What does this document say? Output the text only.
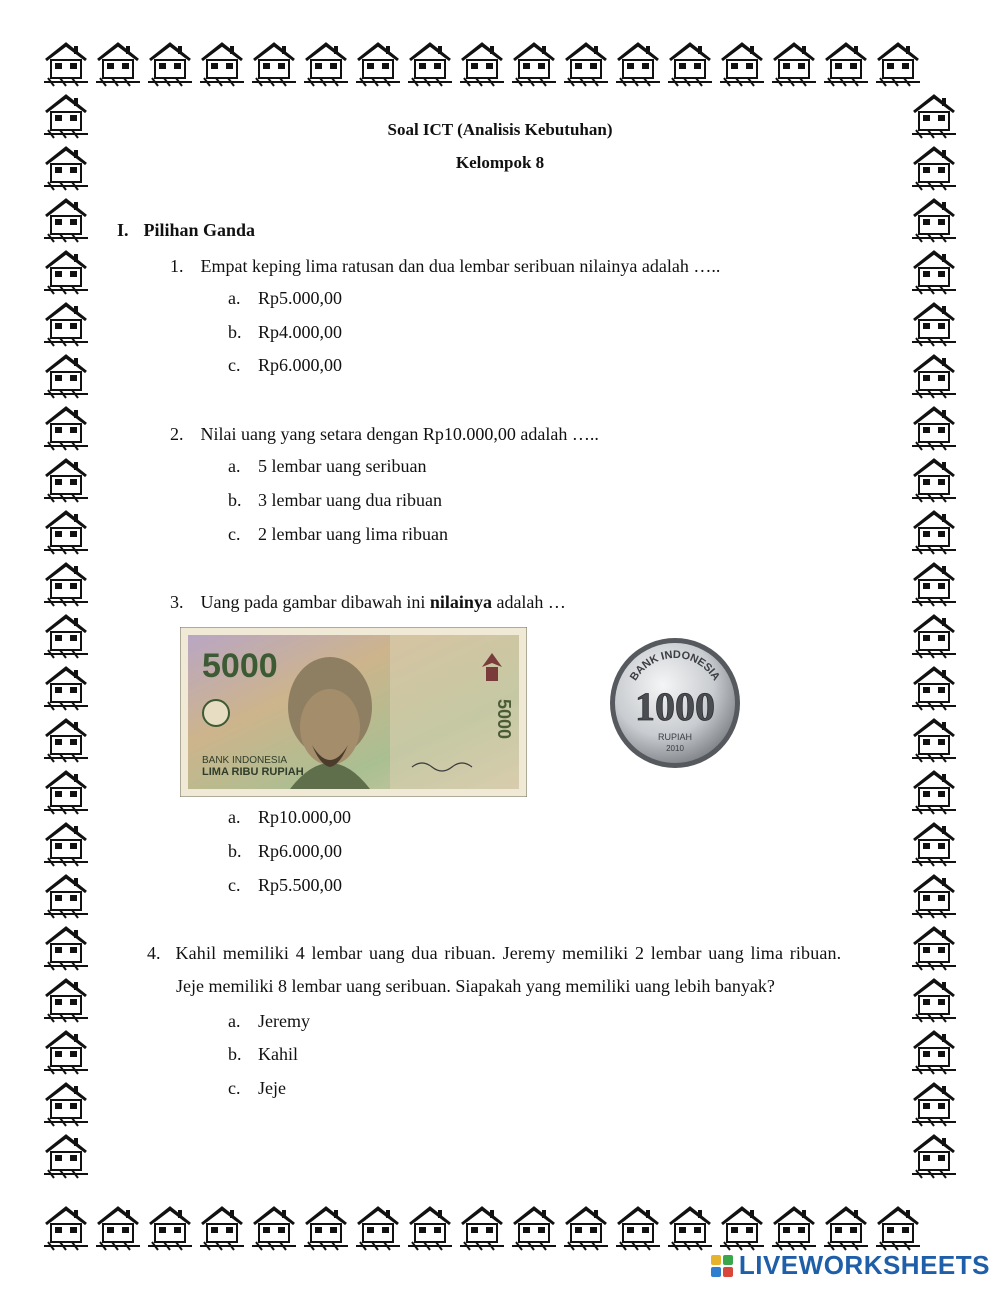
Soal ICT (Analisis Kebutuhan)
Kelompok 8
I. Pilihan Ganda
1. Empat keping lima ratusan dan dua lembar seribuan nilainya adalah …..
a. Rp5.000,00
b. Rp4.000,00
c. Rp6.000,00
2. Nilai uang yang setara dengan Rp10.000,00 adalah …..
a. 5 lembar uang seribuan
b. 3 lembar uang dua ribuan
c. 2 lembar uang lima ribuan
3. Uang pada gambar dibawah ini nilainya adalah …
5000
5000
BANK INDONESIA
LIMA RIBU RUPIAH
BANK INDONESIA
1000
RUPIAH
2010
a. Rp10.000,00
b. Rp6.000,00
c. Rp5.500,00
4. Kahil memiliki 4 lembar uang dua ribuan. Jeremy memiliki 2 lembar uang lima ribuan.
Jeje memiliki 8 lembar uang seribuan. Siapakah yang memiliki uang lebih banyak?
a. Jeremy
b. Kahil
c. Jeje
LIVEWORKSHEETS
